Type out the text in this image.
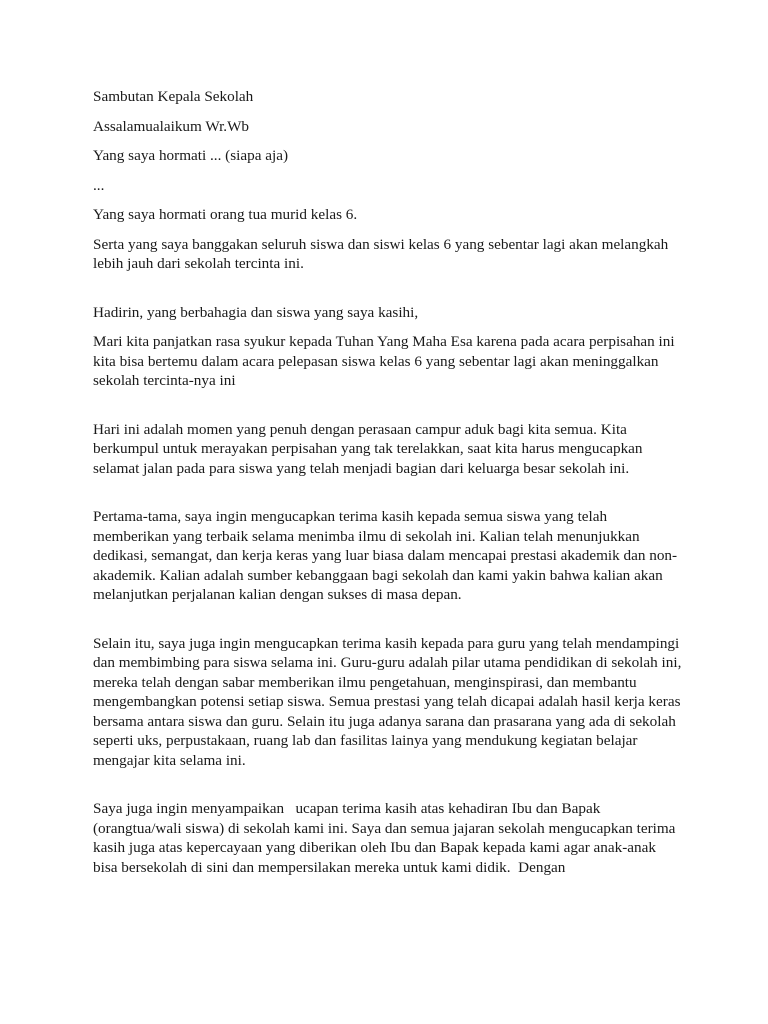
Sambutan Kepala Sekolah

Assalamualaikum Wr.Wb

Yang saya hormati ... (siapa aja)

...

Yang saya hormati orang tua murid kelas 6.

Serta yang saya banggakan seluruh siswa dan siswi kelas 6 yang sebentar lagi akan melangkah lebih jauh dari sekolah tercinta ini.

Hadirin, yang berbahagia dan siswa yang saya kasihi,

Mari kita panjatkan rasa syukur kepada Tuhan Yang Maha Esa karena pada acara perpisahan ini kita bisa bertemu dalam acara pelepasan siswa kelas 6 yang sebentar lagi akan meninggalkan sekolah tercinta-nya ini

Hari ini adalah momen yang penuh dengan perasaan campur aduk bagi kita semua. Kita berkumpul untuk merayakan perpisahan yang tak terelakkan, saat kita harus mengucapkan selamat jalan pada para siswa yang telah menjadi bagian dari keluarga besar sekolah ini.

Pertama-tama, saya ingin mengucapkan terima kasih kepada semua siswa yang telah memberikan yang terbaik selama menimba ilmu di sekolah ini. Kalian telah menunjukkan dedikasi, semangat, dan kerja keras yang luar biasa dalam mencapai prestasi akademik dan non-akademik. Kalian adalah sumber kebanggaan bagi sekolah dan kami yakin bahwa kalian akan melanjutkan perjalanan kalian dengan sukses di masa depan.

Selain itu, saya juga ingin mengucapkan terima kasih kepada para guru yang telah mendampingi dan membimbing para siswa selama ini. Guru-guru adalah pilar utama pendidikan di sekolah ini, mereka telah dengan sabar memberikan ilmu pengetahuan, menginspirasi, dan membantu mengembangkan potensi setiap siswa. Semua prestasi yang telah dicapai adalah hasil kerja keras bersama antara siswa dan guru. Selain itu juga adanya sarana dan prasarana yang ada di sekolah seperti uks, perpustakaan, ruang lab dan fasilitas lainya yang mendukung kegiatan belajar mengajar kita selama ini.

Saya juga ingin menyampaikan   ucapan terima kasih atas kehadiran Ibu dan Bapak (orangtua/wali siswa) di sekolah kami ini. Saya dan semua jajaran sekolah mengucapkan terima kasih juga atas kepercayaan yang diberikan oleh Ibu dan Bapak kepada kami agar anak-anak bisa bersekolah di sini dan mempersilakan mereka untuk kami didik.  Dengan
